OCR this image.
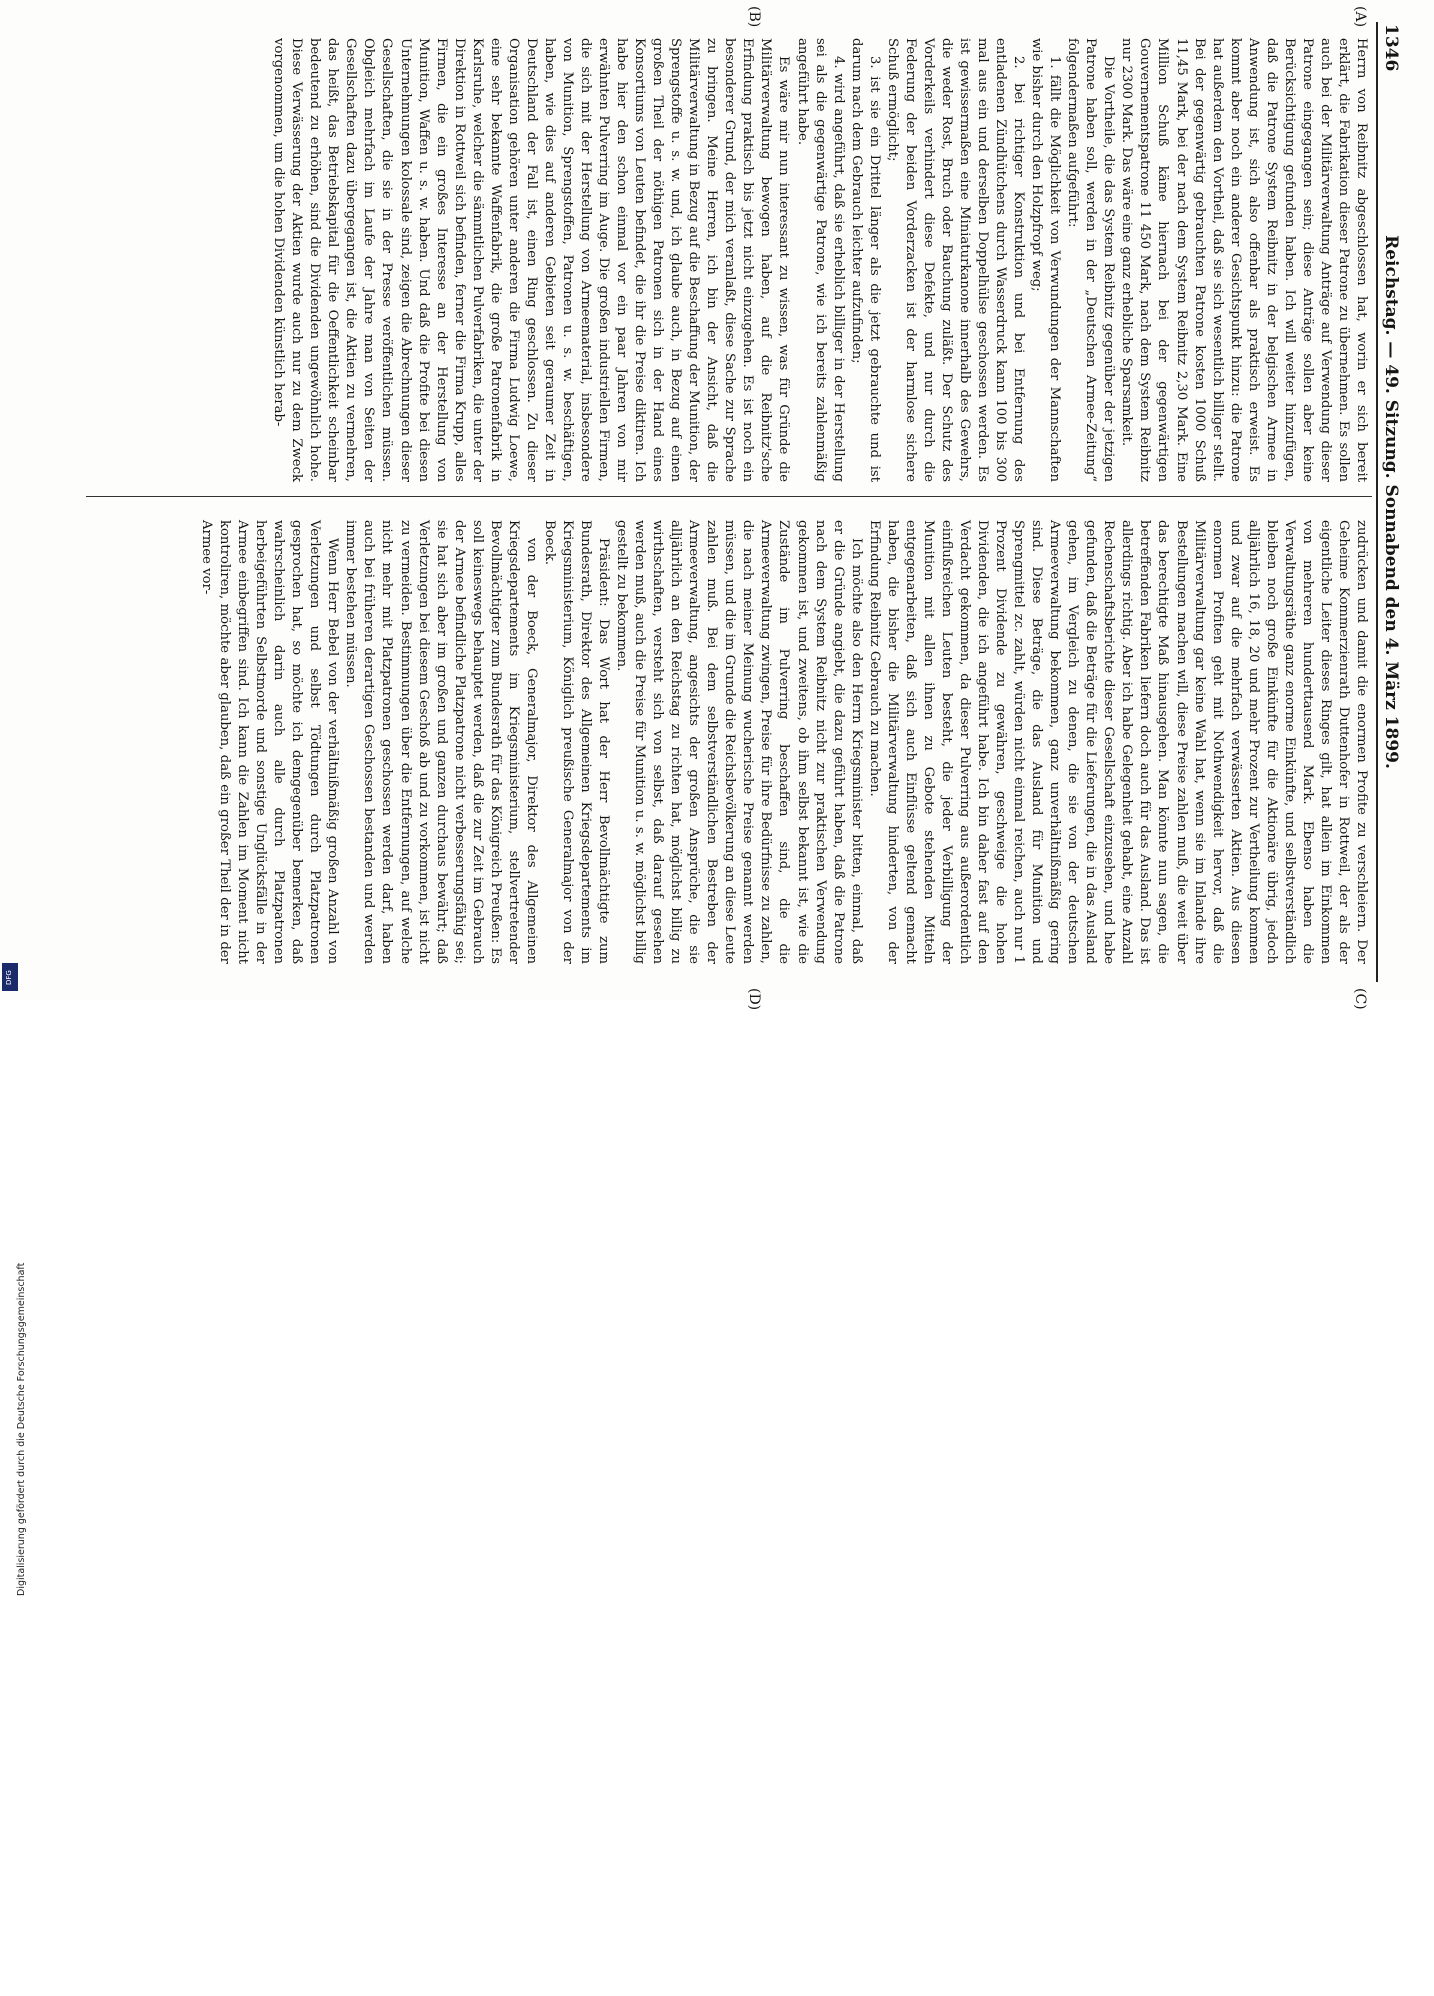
1346
Reichstag. — 49. Sitzung. Sonnabend den 4. März 1899.
(A)
(B)
(C)
(D)

Herrn von Reibnitz abgeschlossen hat, worin er sich bereit erklärt, die Fabrikation dieser Patrone zu übernehmen. Es sollen auch bei der Militärverwaltung Anträge auf Verwendung dieser Patrone eingegangen sein; diese Anträge sollen aber keine Berücksichtigung gefunden haben. Ich will weiter hinzufügen, daß die Patrone System Reibnitz in der belgischen Armee in Anwendung ist, sich also offenbar als praktisch erweist. Es kommt aber noch ein anderer Gesichtspunkt hinzu: die Patrone hat außerdem den Vortheil, daß sie sich wesentlich billiger stellt. Bei der gegenwärtig gebrauchten Patrone kosten 1000 Schuß 11,45 Mark, bei der nach dem System Reibnitz 2,30 Mark. Eine Million Schuß käme hiernach bei der gegenwärtigen Gouvernementspatrone 11 450 Mark, nach dem System Reibnitz nur 2300 Mark. Das wäre eine ganz erhebliche Sparsamkeit.

Die Vortheile, die das System Reibnitz gegenüber der jetzigen Patrone haben soll, werden in der „Deutschen Armee-Zeitung“ folgendermaßen aufgeführt:

1. fällt die Möglichkeit von Verwundungen der Mannschaften wie bisher durch den Holzpfropf weg;

2. bei richtiger Konstruktion und bei Entfernung des entladenen Zündhütchens durch Wasserdruck kann 100 bis 300 mal aus ein und derselben Doppelhülse geschossen werden. Es ist gewissermaßen eine Miniaturkanone innerhalb des Gewehrs, die weder Rost, Bruch oder Bauchung zuläßt. Der Schutz des Vorderkeils verhindert diese Defekte, und nur durch die Federung der beiden Vorderzacken ist der harmlose sichere Schuß ermöglicht;

3. ist sie ein Drittel länger als die jetzt gebrauchte und ist darum nach dem Gebrauch leichter aufzufinden;

4. wird angeführt, daß sie erheblich billiger in der Herstellung sei als die gegenwärtige Patrone, wie ich bereits zahlenmäßig angeführt habe.

Es wäre mir nun interessant zu wissen, was für Gründe die Militärverwaltung bewogen haben, auf die Reibnitz'sche Erfindung praktisch bis jetzt nicht einzugehen. Es ist noch ein besonderer Grund, der mich veranlaßt, diese Sache zur Sprache zu bringen. Meine Herren, ich bin der Ansicht, daß die Militärverwaltung in Bezug auf die Beschaffung der Munition, der Sprengstoffe u. s. w. und, ich glaube auch, in Bezug auf einen großen Theil der nöthigen Patronen sich in der Hand eines Konsortiums von Leuten befindet, die ihr die Preise diktiren. Ich habe hier den schon einmal vor ein paar Jahren von mir erwähnten Pulverring im Auge. Die großen industriellen Firmen, die sich mit der Herstellung von Armeematerial, insbesondere von Munition, Sprengstoffen, Patronen u. s. w. beschäftigen, haben, wie dies auf anderen Gebieten seit geraumer Zeit in Deutschland der Fall ist, einen Ring geschlossen. Zu dieser Organisation gehören unter anderen die Firma Ludwig Loewe, eine sehr bekannte Waffenfabrik, die große Patronenfabrik in Karlsruhe, welcher die sämmtlichen Pulverfabriken, die unter der Direktion in Rottweil sich befinden, ferner die Firma Krupp, alles Firmen, die ein großes Interesse an der Herstellung von Munition, Waffen u. s. w. haben. Und daß die Profite bei diesen Unternehmungen kolossale sind, zeigen die Abrechnungen dieser Gesellschaften, die sie in der Presse veröffentlichen müssen. Obgleich mehrfach im Laufe der Jahre man von Seiten der Gesellschaften dazu übergegangen ist, die Aktien zu vermehren, das heißt, das Betriebskapital für die Oeffentlichkeit scheinbar bedeutend zu erhöhen, sind die Dividenden ungewöhnlich hohe. Diese Verwässerung der Aktien wurde auch nur zu dem Zweck vorgenommen, um die hohen Dividenden künstlich herab-

zudrücken und damit die enormen Profite zu verschleiern. Der Geheime Kommerzienrath Duttenhofer in Rottweil, der als der eigentliche Leiter dieses Ringes gilt, hat allein im Einkommen von mehreren hunderttausend Mark. Ebenso haben die Verwaltungsräthe ganz enorme Einkünfte, und selbstverständlich bleiben noch große Einkünfte für die Aktionäre übrig, jedoch alljährlich 16, 18, 20 und mehr Prozent zur Vertheilung kommen und zwar auf die mehrfach verwässerten Aktien. Aus diesen enormen Profiten geht mit Nothwendigkeit hervor, daß die Militärverwaltung gar keine Wahl hat, wenn sie im Inlande ihre Bestellungen machen will, diese Preise zahlen muß, die weit über das berechtigte Maß hinausgehen. Man könnte nun sagen, die betreffenden Fabriken liefern doch auch für das Ausland. Das ist allerdings richtig. Aber ich habe Gelegenheit gehabt, eine Anzahl Rechenschaftsberichte dieser Gesellschaft einzusehen, und habe gefunden, daß die Beträge für die Lieferungen, die in das Ausland gehen, im Vergleich zu denen, die sie von der deutschen Armeeverwaltung bekommen, ganz unverhältnißmäßig gering sind. Diese Beträge, die das Ausland für Munition und Sprengmittel zc. zahlt, würden nicht einmal reichen, auch nur 1 Prozent Dividende zu gewähren, geschweige die hohen Dividenden, die ich angeführt habe. Ich bin daher fast auf den Verdacht gekommen, da dieser Pulverring aus außerordentlich einflußreichen Leuten besteht, die jeder Verbilligung der Munition mit allen ihnen zu Gebote stehenden Mitteln entgegenarbeiten, daß sich auch Einflüsse geltend gemacht haben, die bisher die Militärverwaltung hinderten, von der Erfindung Reibnitz Gebrauch zu machen.

Ich möchte also den Herrn Kriegsminister bitten, einmal, daß er die Gründe angiebt, die dazu geführt haben, daß die Patrone nach dem System Reibnitz nicht zur praktischen Verwendung gekommen ist, und zweitens, ob ihm selbst bekannt ist, wie die Zustände im Pulverring beschaffen sind, die die Armeeverwaltung zwingen, Preise für ihre Bedürfnisse zu zahlen, die nach meiner Meinung wucherische Preise genannt werden müssen, und die im Grunde die Reichsbevölkerung an diese Leute zahlen muß. Bei dem selbstverständlichen Bestreben der Armeeverwaltung, angesichts der großen Ansprüche, die sie alljährlich an den Reichstag zu richten hat, möglichst billig zu wirthschaften, versteht sich von selbst, daß darauf gesehen werden muß, auch die Preise für Munition u. s. w. möglichst billig gestellt zu bekommen.

Präsident: Das Wort hat der Herr Bevollmächtigte zum Bundesrath, Direktor des Allgemeinen Kriegsdepartements im Kriegsministerium, Königlich preußische Generalmajor von der Boeck.

von der Boeck, Generalmajor, Direktor des Allgemeinen Kriegsdepartements im Kriegsministerium, stellvertretender Bevollmächtigter zum Bundesrath für das Königreich Preußen: Es soll keineswegs behauptet werden, daß die zur Zeit im Gebrauch der Armee befindliche Platzpatrone nicht verbesserungsfähig sei; sie hat sich aber im großen und ganzen durchaus bewährt; daß Verletzungen bei diesem Geschoß ab und zu vorkommen, ist nicht zu vermeiden. Bestimmungen über die Entfernungen, auf welche nicht mehr mit Platzpatronen geschossen werden darf, haben auch bei früheren derartigen Geschossen bestanden und werden immer bestehen müssen.

Wenn Herr Bebel von der verhältnißmäßig großen Anzahl von Verletzungen und selbst Tödtungen durch Platzpatronen gesprochen hat, so möchte ich demgegenüber bemerken, daß wahrscheinlich darin auch alle durch Platzpatronen herbeigeführten Selbstmorde und sonstige Unglücksfälle in der Armee einbegriffen sind. Ich kann die Zahlen im Moment nicht kontroliren, möchte aber glauben, daß ein großer Theil der in der Armee vor-

Digitalisierung gefördert durch die Deutsche Forschungsgemeinschaft
DFG
